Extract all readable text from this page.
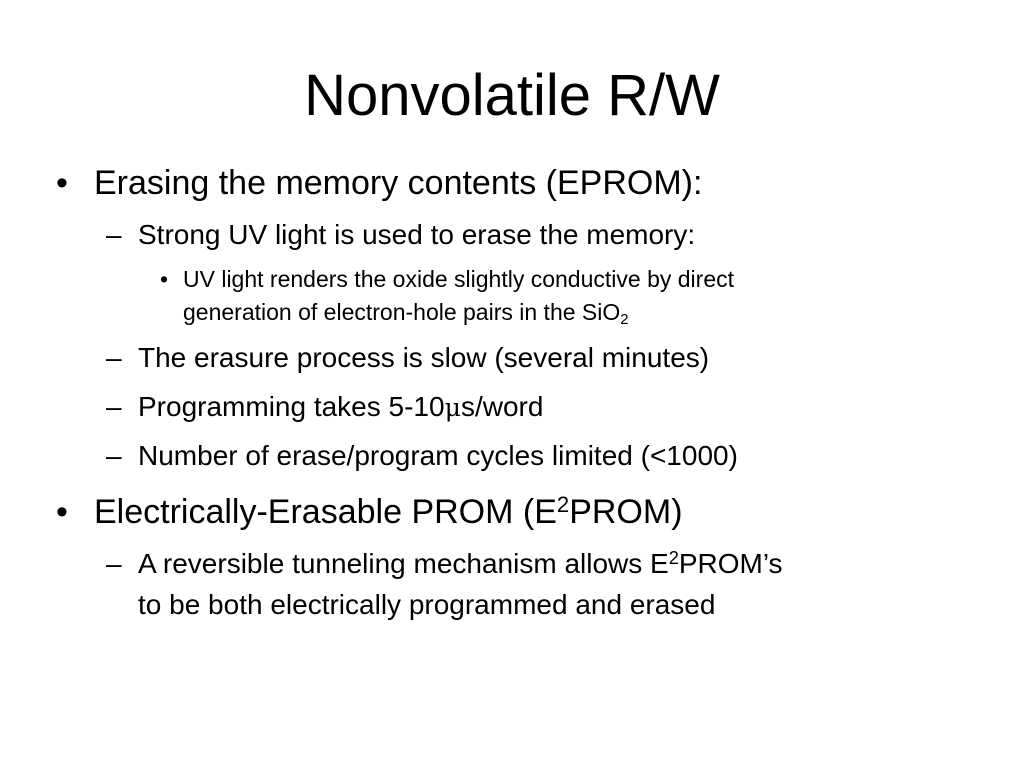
Nonvolatile R/W
• Erasing the memory contents (EPROM):
– Strong UV light is used to erase the memory:
• UV light renders the oxide slightly conductive by direct
generation of electron-hole pairs in the SiO$_2$
– The erasure process is slow (several minutes)
– Programming takes 5-10μs/word
– Number of erase/program cycles limited (<1000)
• Electrically-Erasable PROM $(E^2PROM)$
– A reversible tunneling mechanism allows $E^2PROM’s$
to be both electrically programmed and erased
